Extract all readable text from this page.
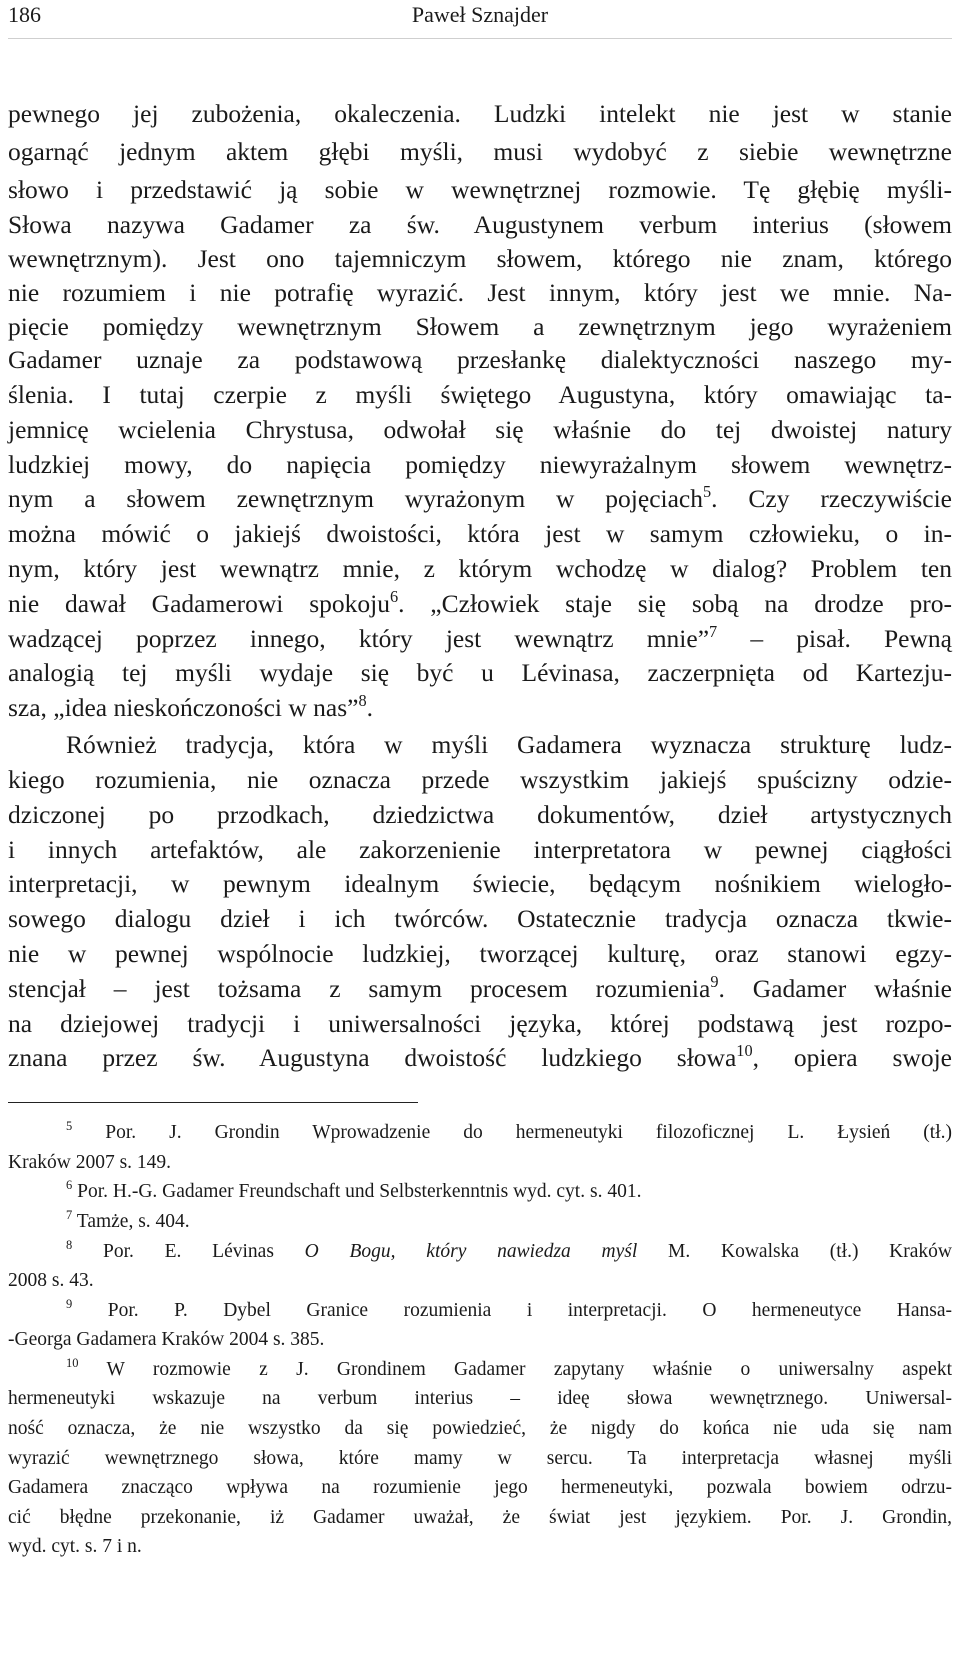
186	Paweł Sznajder
pewnego jej zubożenia, okaleczenia. Ludzki intelekt nie jest w stanie
ogarnąć jednym aktem głębi myśli, musi wydobyć z siebie wewnętrzne
słowo i przedstawić ją sobie w wewnętrznej rozmowie. Tę głębię myśli-
Słowa nazywa Gadamer za św. Augustynem verbum interius (słowem
wewnętrznym). Jest ono tajemniczym słowem, którego nie znam, którego
nie rozumiem i nie potrafię wyrazić. Jest innym, który jest we mnie. Na-
pięcie pomiędzy wewnętrznym Słowem a zewnętrznym jego wyrażeniem
Gadamer uznaje za podstawową przesłankę dialektyczności naszego my-
ślenia. I tutaj czerpie z myśli świętego Augustyna, który omawiając ta-
jemnicę wcielenia Chrystusa, odwołał się właśnie do tej dwoistej natury
ludzkiej mowy, do napięcia pomiędzy niewyrażalnym słowem wewnętrz-
nym a słowem zewnętrznym wyrażonym w pojęciach$^5$. Czy rzeczywiście
można mówić o jakiejś dwoistości, która jest w samym człowieku, o in-
nym, który jest wewnątrz mnie, z którym wchodzę w dialog? Problem ten
nie dawał Gadamerowi spokoju$^6$. „Człowiek staje się sobą na drodze pro-
wadzącej poprzez innego, który jest wewnątrz mnie”$^7$ – pisał. Pewną
analogią tej myśli wydaje się być u Lévinasa, zaczerpnięta od Kartezju-
sza, „idea nieskończoności w nas”$^8$.
Również tradycja, która w myśli Gadamera wyznacza strukturę ludz-
kiego rozumienia, nie oznacza przede wszystkim jakiejś spuścizny odzie-
dziczonej po przodkach, dziedzictwa dokumentów, dzieł artystycznych
i innych artefaktów, ale zakorzenienie interpretatora w pewnej ciągłości
interpretacji, w pewnym idealnym świecie, będącym nośnikiem wielogło-
sowego dialogu dzieł i ich twórców. Ostatecznie tradycja oznacza tkwie-
nie w pewnej wspólnocie ludzkiej, tworzącej kulturę, oraz stanowi egzy-
stencjał – jest tożsama z samym procesem rozumienia$^9$. Gadamer właśnie
na dziejowej tradycji i uniwersalności języka, której podstawą jest rozpo-
znana przez św. Augustyna dwoistość ludzkiego słowa$^{10}$, opiera swoje
$^5$ Por. J. Grondin Wprowadzenie do hermeneutyki filozoficznej L. Łysień (tł.)
Kraków 2007 s. 149.
$^6$ Por. H.-G. Gadamer Freundschaft und Selbsterkenntnis wyd. cyt. s. 401.
$^7$ Tamże, s. 404.
$^8$ Por. E. Lévinas O Bogu, który nawiedza myśl M. Kowalska (tł.) Kraków
2008 s. 43.
$^9$ Por. P. Dybel Granice rozumienia i interpretacji. O hermeneutyce Hansa-
-Georga Gadamera Kraków 2004 s. 385.
$^{10}$ W rozmowie z J. Grondinem Gadamer zapytany właśnie o uniwersalny aspekt
hermeneutyki wskazuje na verbum interius – ideę słowa wewnętrznego. Uniwersal-
ność oznacza, że nie wszystko da się powiedzieć, że nigdy do końca nie uda się nam
wyrazić wewnętrznego słowa, które mamy w sercu. Ta interpretacja własnej myśli
Gadamera znacząco wpływa na rozumienie jego hermeneutyki, pozwala bowiem odrzu-
cić błędne przekonanie, iż Gadamer uważał, że świat jest językiem. Por. J. Grondin,
wyd. cyt. s. 7 i n.
